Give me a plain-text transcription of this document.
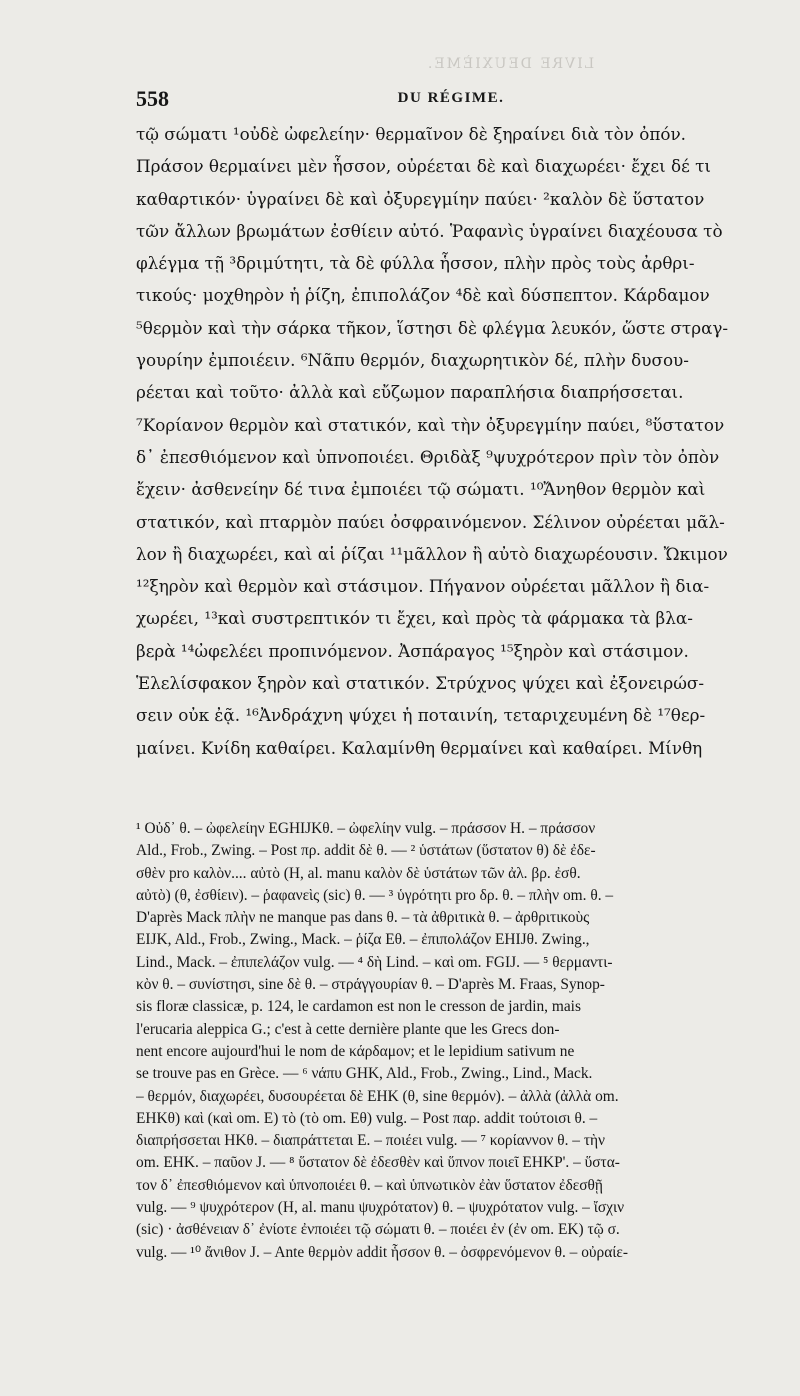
LIVRE DEUXIÈME.
558	DU RÉGIME.
τῷ σώματι ¹οὐδὲ ὠφελείην· θερμαῖνον δὲ ξηραίνει διὰ τὸν ὀπόν.
Πράσον θερμαίνει μὲν ἧσσον, οὐρέεται δὲ καὶ διαχωρέει· ἔχει δέ τι
καθαρτικόν· ὑγραίνει δὲ καὶ ὀξυρεγμίην παύει· ²καλὸν δὲ ὕστατον
τῶν ἄλλων βρωμάτων ἐσθίειν αὐτό. Ῥαφανὶς ὑγραίνει διαχέουσα τὸ
φλέγμα τῇ ³δριμύτητι, τὰ δὲ φύλλα ἧσσον, πλὴν πρὸς τοὺς ἀρθρι-
τικούς· μοχθηρὸν ἡ ῥίζη, ἐπιπολάζον ⁴δὲ καὶ δύσπεπτον. Κάρδαμον
⁵θερμὸν καὶ τὴν σάρκα τῆκον, ἵστησι δὲ φλέγμα λευκόν, ὥστε στραγ-
γουρίην ἐμποιέειν. ⁶Νᾶπυ θερμόν, διαχωρητικὸν δέ, πλὴν δυσου-
ρέεται καὶ τοῦτο· ἀλλὰ καὶ εὔζωμον παραπλήσια διαπρήσσεται.
⁷Κορίανον θερμὸν καὶ στατικόν, καὶ τὴν ὀξυρεγμίην παύει, ⁸ὕστατον
δ᾽ ἐπεσθιόμενον καὶ ὑπνοποιέει. Θριδὰξ ⁹ψυχρότερον πρὶν τὸν ὀπὸν
ἔχειν· ἀσθενείην δέ τινα ἐμποιέει τῷ σώματι. ¹⁰Ἄνηθον θερμὸν καὶ
στατικόν, καὶ πταρμὸν παύει ὀσφραινόμενον. Σέλινον οὐρέεται μᾶλ-
λον ἢ διαχωρέει, καὶ αἱ ῥίζαι ¹¹μᾶλλον ἢ αὐτὸ διαχωρέουσιν. Ὤκιμον
¹²ξηρὸν καὶ θερμὸν καὶ στάσιμον. Πήγανον οὐρέεται μᾶλλον ἢ δια-
χωρέει, ¹³καὶ συστρεπτικόν τι ἔχει, καὶ πρὸς τὰ φάρμακα τὰ βλα-
βερὰ ¹⁴ὠφελέει προπινόμενον. Ἀσπάραγος ¹⁵ξηρὸν καὶ στάσιμον.
Ἑλελίσφακον ξηρὸν καὶ στατικόν. Στρύχνος ψύχει καὶ ἐξονειρώσ-
σειν οὐκ ἐᾷ. ¹⁶Ἀνδράχνη ψύχει ἡ ποταινίη, τεταριχευμένη δὲ ¹⁷θερ-
μαίνει. Κνίδη καθαίρει. Καλαμίνθη θερμαίνει καὶ καθαίρει. Μίνθη
¹ Οὐδ᾽ θ. – ὠφελείην EGHIJKθ. – ὠφελίην vulg. – πράσσον H. – πράσσον
Ald., Frob., Zwing. – Post πρ. addit δὲ θ. — ² ὑστάτων (ὕστατον θ) δὲ ἐδε-
σθὲν pro καλὸν.... αὐτὸ (H, al. manu καλὸν δὲ ὑστάτων τῶν ἀλ. βρ. ἐσθ.
αὐτὸ) (θ, ἐσθίειν). – ῥαφανεὶς (sic) θ. — ³ ὑγρότητι pro δρ. θ. – πλὴν om. θ. –
D'après Mack πλὴν ne manque pas dans θ. – τὰ ἀθριτικὰ θ. – ἀρθριτικοὺς
EIJK, Ald., Frob., Zwing., Mack. – ῥίζα Εθ. – ἐπιπολάζον EHIJθ. Zwing.,
Lind., Mack. – ἐπιπελάζον vulg. — ⁴ δὴ Lind. – καὶ om. FGIJ. — ⁵ θερμαντι-
κὸν θ. – συνίστησι, sine δὲ θ. – στράγγουρίαν θ. – D'après M. Fraas, Synop-
sis floræ classicæ, p. 124, le cardamon est non le cresson de jardin, mais
l'erucaria aleppica G.; c'est à cette dernière plante que les Grecs don-
nent encore aujourd'hui le nom de κάρδαμον; et le lepidium sativum ne
se trouve pas en Grèce. — ⁶ νάπυ GHK, Ald., Frob., Zwing., Lind., Mack.
– θερμόν, διαχωρέει, δυσουρέεται δὲ EHK (θ, sine θερμόν). – ἀλλὰ (ἀλλὰ om.
EHKθ) καὶ (καὶ om. E) τὸ (τὸ om. Eθ) vulg. – Post παρ. addit τούτοισι θ. –
διαπρήσσεται HKθ. – διαπράττεται E. – ποιέει vulg. — ⁷ κορίαννον θ. – τὴν
om. EHK. – παῦον J. — ⁸ ὕστατον δὲ ἐδεσθὲν καὶ ὕπνον ποιεῖ EHKP'. – ὕστα-
τον δ᾽ ἐπεσθιόμενον καὶ ὑπνοποιέει θ. – καὶ ὑπνωτικὸν ἐὰν ὕστατον ἐδεσθῇ
vulg. — ⁹ ψυχρότερον (H, al. manu ψυχρότατον) θ. – ψυχρότατον vulg. – ἴσχιν
(sic) · ἀσθένειαν δ᾽ ἐνίοτε ἐνποιέει τῷ σώματι θ. – ποιέει ἐν (ἐν om. EK) τῷ σ.
vulg. — ¹⁰ ἄνιθον J. – Ante θερμὸν addit ἧσσον θ. – ὀσφρενόμενον θ. – οὐραίε-
